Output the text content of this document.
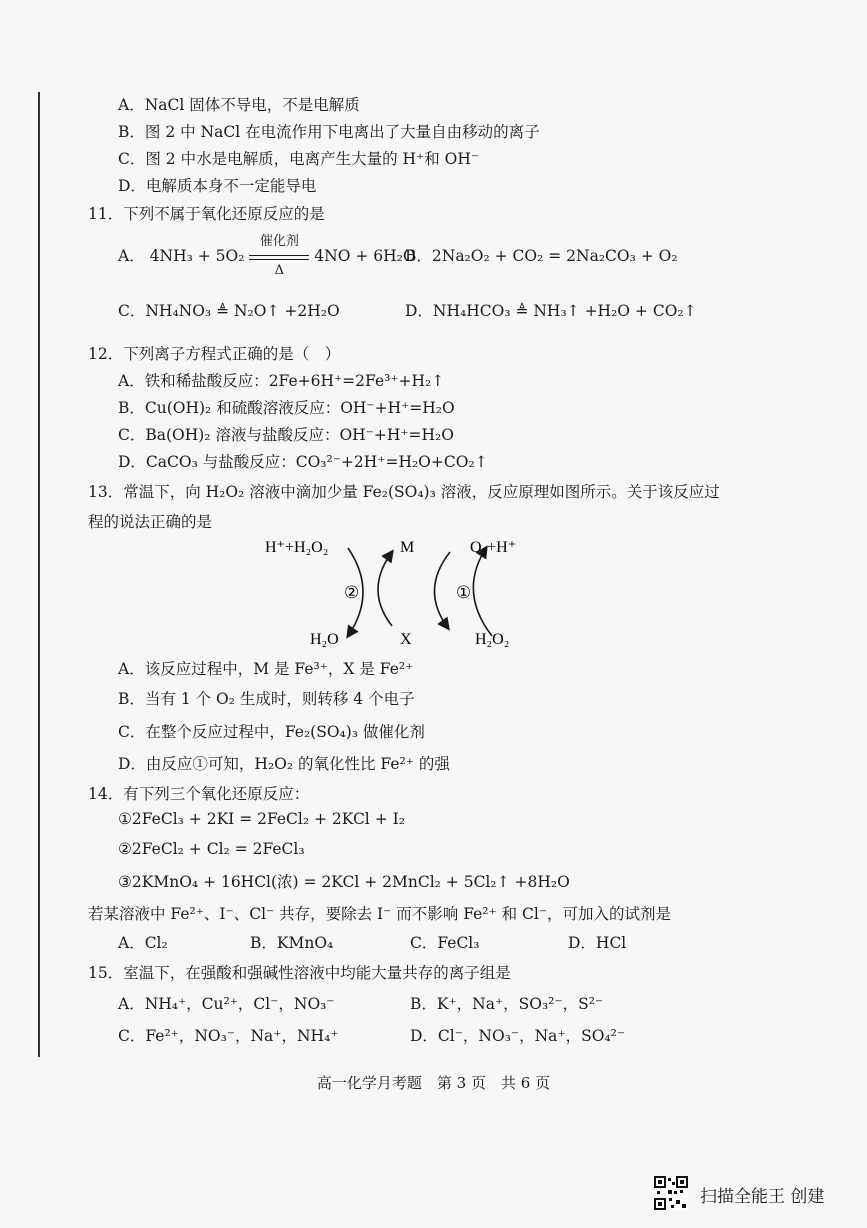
A．NaCl 固体不导电，不是电解质
B．图 2 中 NaCl 在电流作用下电离出了大量自由移动的离子
C．图 2 中水是电解质，电离产生大量的 H⁺和 OH⁻
D．电解质本身不一定能导电
11．下列不属于氧化还原反应的是
A． 4NH₃ + 5O₂
催化剂
Δ
4NO + 6H₂O
B．2Na₂O₂ + CO₂ = 2Na₂CO₃ + O₂
C．NH₄NO₃ ≜ N₂O↑ +2H₂O	D．NH₄HCO₃ ≜ NH₃↑ +H₂O + CO₂↑
12．下列离子方程式正确的是（　）
A．铁和稀盐酸反应：2Fe+6H⁺=2Fe³⁺+H₂↑
B．Cu(OH)₂ 和硫酸溶液反应：OH⁻+H⁺=H₂O
C．Ba(OH)₂ 溶液与盐酸反应：OH⁻+H⁺=H₂O
D．CaCO₃ 与盐酸反应：CO₃²⁻+2H⁺=H₂O+CO₂↑
13．常温下，向 H₂O₂ 溶液中滴加少量 Fe₂(SO₄)₃ 溶液，反应原理如图所示。关于该反应过
程的说法正确的是
H⁺+H₂O₂	M	O₂+H⁺
②	①
H₂O	X	H₂O₂
A．该反应过程中，M 是 Fe³⁺，X 是 Fe²⁺
B．当有 1 个 O₂ 生成时，则转移 4 个电子
C．在整个反应过程中，Fe₂(SO₄)₃ 做催化剂
D．由反应①可知，H₂O₂ 的氧化性比 Fe²⁺ 的强
14．有下列三个氧化还原反应：
①2FeCl₃ + 2KI = 2FeCl₂ + 2KCl + I₂
②2FeCl₂ + Cl₂ = 2FeCl₃
③2KMnO₄ + 16HCl(浓) = 2KCl + 2MnCl₂ + 5Cl₂↑ +8H₂O
若某溶液中 Fe²⁺、I⁻、Cl⁻ 共存，要除去 I⁻ 而不影响 Fe²⁺ 和 Cl⁻，可加入的试剂是
A．Cl₂	B．KMnO₄	C．FeCl₃	D．HCl
15．室温下，在强酸和强碱性溶液中均能大量共存的离子组是
A．NH₄⁺，Cu²⁺，Cl⁻，NO₃⁻	B．K⁺，Na⁺，SO₃²⁻，S²⁻
C．Fe²⁺，NO₃⁻，Na⁺，NH₄⁺	D．Cl⁻，NO₃⁻，Na⁺，SO₄²⁻
高一化学月考题　第 3 页　共 6 页
扫描全能王 创建
